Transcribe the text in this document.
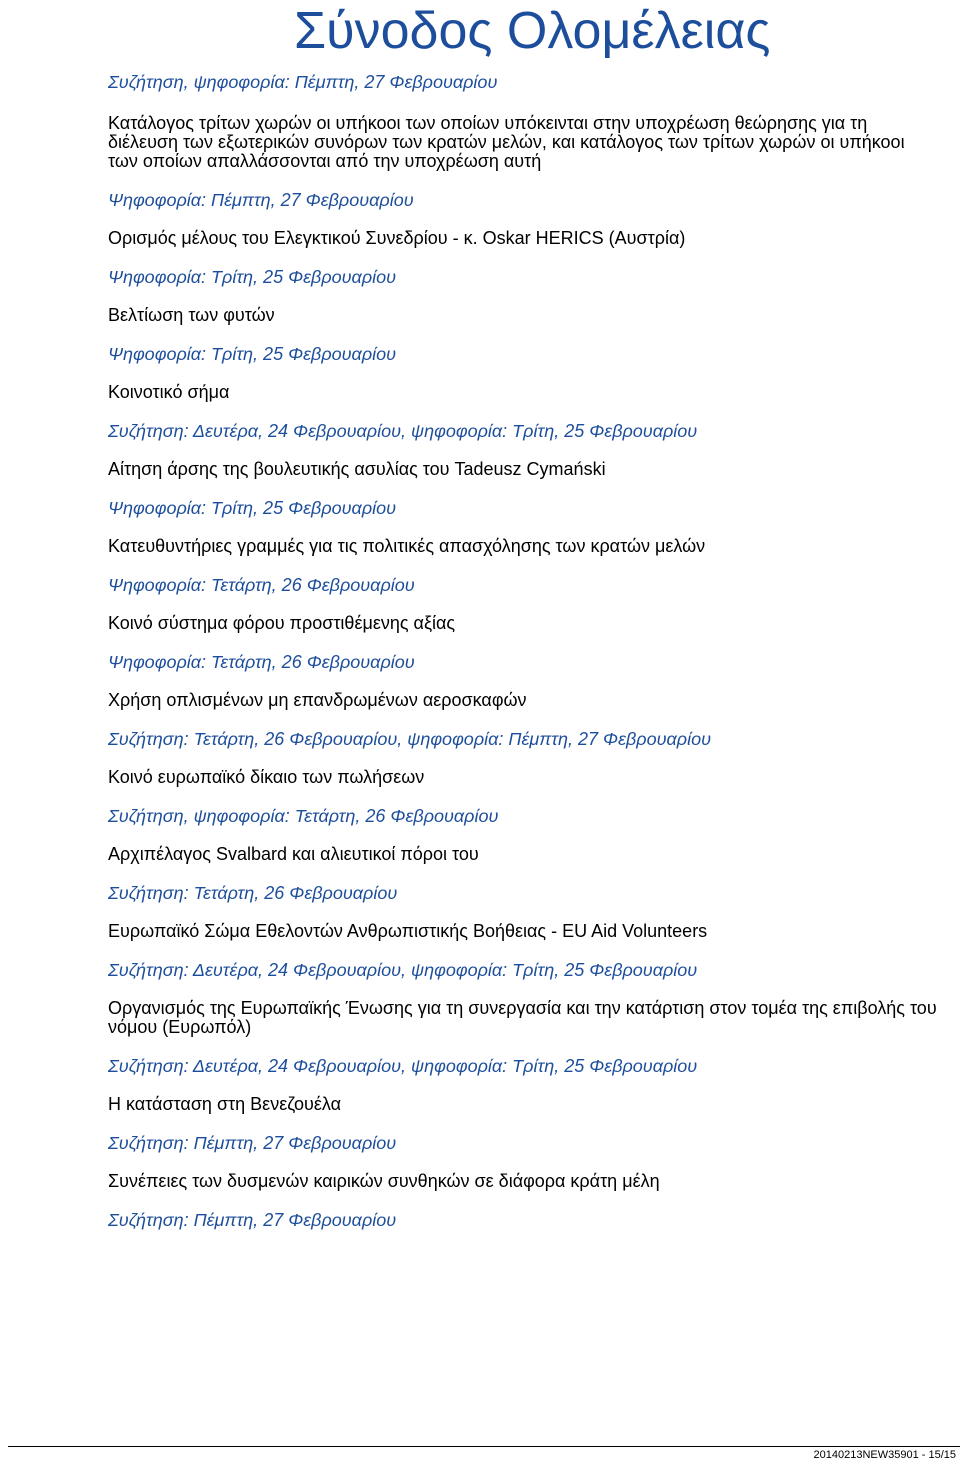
Σύνοδος Ολομέλειας
Συζήτηση, ψηφοφορία: Πέμπτη, 27 Φεβρουαρίου

Κατάλογος τρίτων χωρών οι υπήκοοι των οποίων υπόκεινται στην υποχρέωση θεώρησης για τη διέλευση των εξωτερικών συνόρων των κρατών μελών, και κατάλογος των τρίτων χωρών οι υπήκοοι των οποίων απαλλάσσονται από την υποχρέωση αυτή

Ψηφοφορία: Πέμπτη, 27 Φεβρουαρίου

Ορισμός μέλους του Ελεγκτικού Συνεδρίου - κ. Oskar HERICS (Αυστρία)

Ψηφοφορία: Τρίτη, 25 Φεβρουαρίου

Βελτίωση των φυτών

Ψηφοφορία: Τρίτη, 25 Φεβρουαρίου

Κοινοτικό σήμα

Συζήτηση: Δευτέρα, 24 Φεβρουαρίου, ψηφοφορία: Τρίτη, 25 Φεβρουαρίου

Αίτηση άρσης της βουλευτικής ασυλίας του Tadeusz Cymański

Ψηφοφορία: Τρίτη, 25 Φεβρουαρίου

Κατευθυντήριες γραμμές για τις πολιτικές απασχόλησης των κρατών μελών

Ψηφοφορία: Τετάρτη, 26 Φεβρουαρίου

Κοινό σύστημα φόρου προστιθέμενης αξίας

Ψηφοφορία: Τετάρτη, 26 Φεβρουαρίου

Χρήση οπλισμένων μη επανδρωμένων αεροσκαφών

Συζήτηση: Τετάρτη, 26 Φεβρουαρίου, ψηφοφορία: Πέμπτη, 27 Φεβρουαρίου

Κοινό ευρωπαϊκό δίκαιο των πωλήσεων

Συζήτηση, ψηφοφορία: Τετάρτη, 26 Φεβρουαρίου

Αρχιπέλαγος Svalbard και αλιευτικοί πόροι του

Συζήτηση: Τετάρτη, 26 Φεβρουαρίου

Ευρωπαϊκό Σώμα Εθελοντών Ανθρωπιστικής Βοήθειας - EU Aid Volunteers

Συζήτηση: Δευτέρα, 24 Φεβρουαρίου, ψηφοφορία: Τρίτη, 25 Φεβρουαρίου

Οργανισμός της Ευρωπαϊκής Ένωσης για τη συνεργασία και την κατάρτιση στον τομέα της επιβολής του νόμου (Ευρωπόλ)

Συζήτηση: Δευτέρα, 24 Φεβρουαρίου, ψηφοφορία: Τρίτη, 25 Φεβρουαρίου

Η κατάσταση στη Βενεζουέλα

Συζήτηση: Πέμπτη, 27 Φεβρουαρίου

Συνέπειες των δυσμενών καιρικών συνθηκών σε διάφορα κράτη μέλη

Συζήτηση: Πέμπτη, 27 Φεβρουαρίου

20140213NEW35901 - 15/15
